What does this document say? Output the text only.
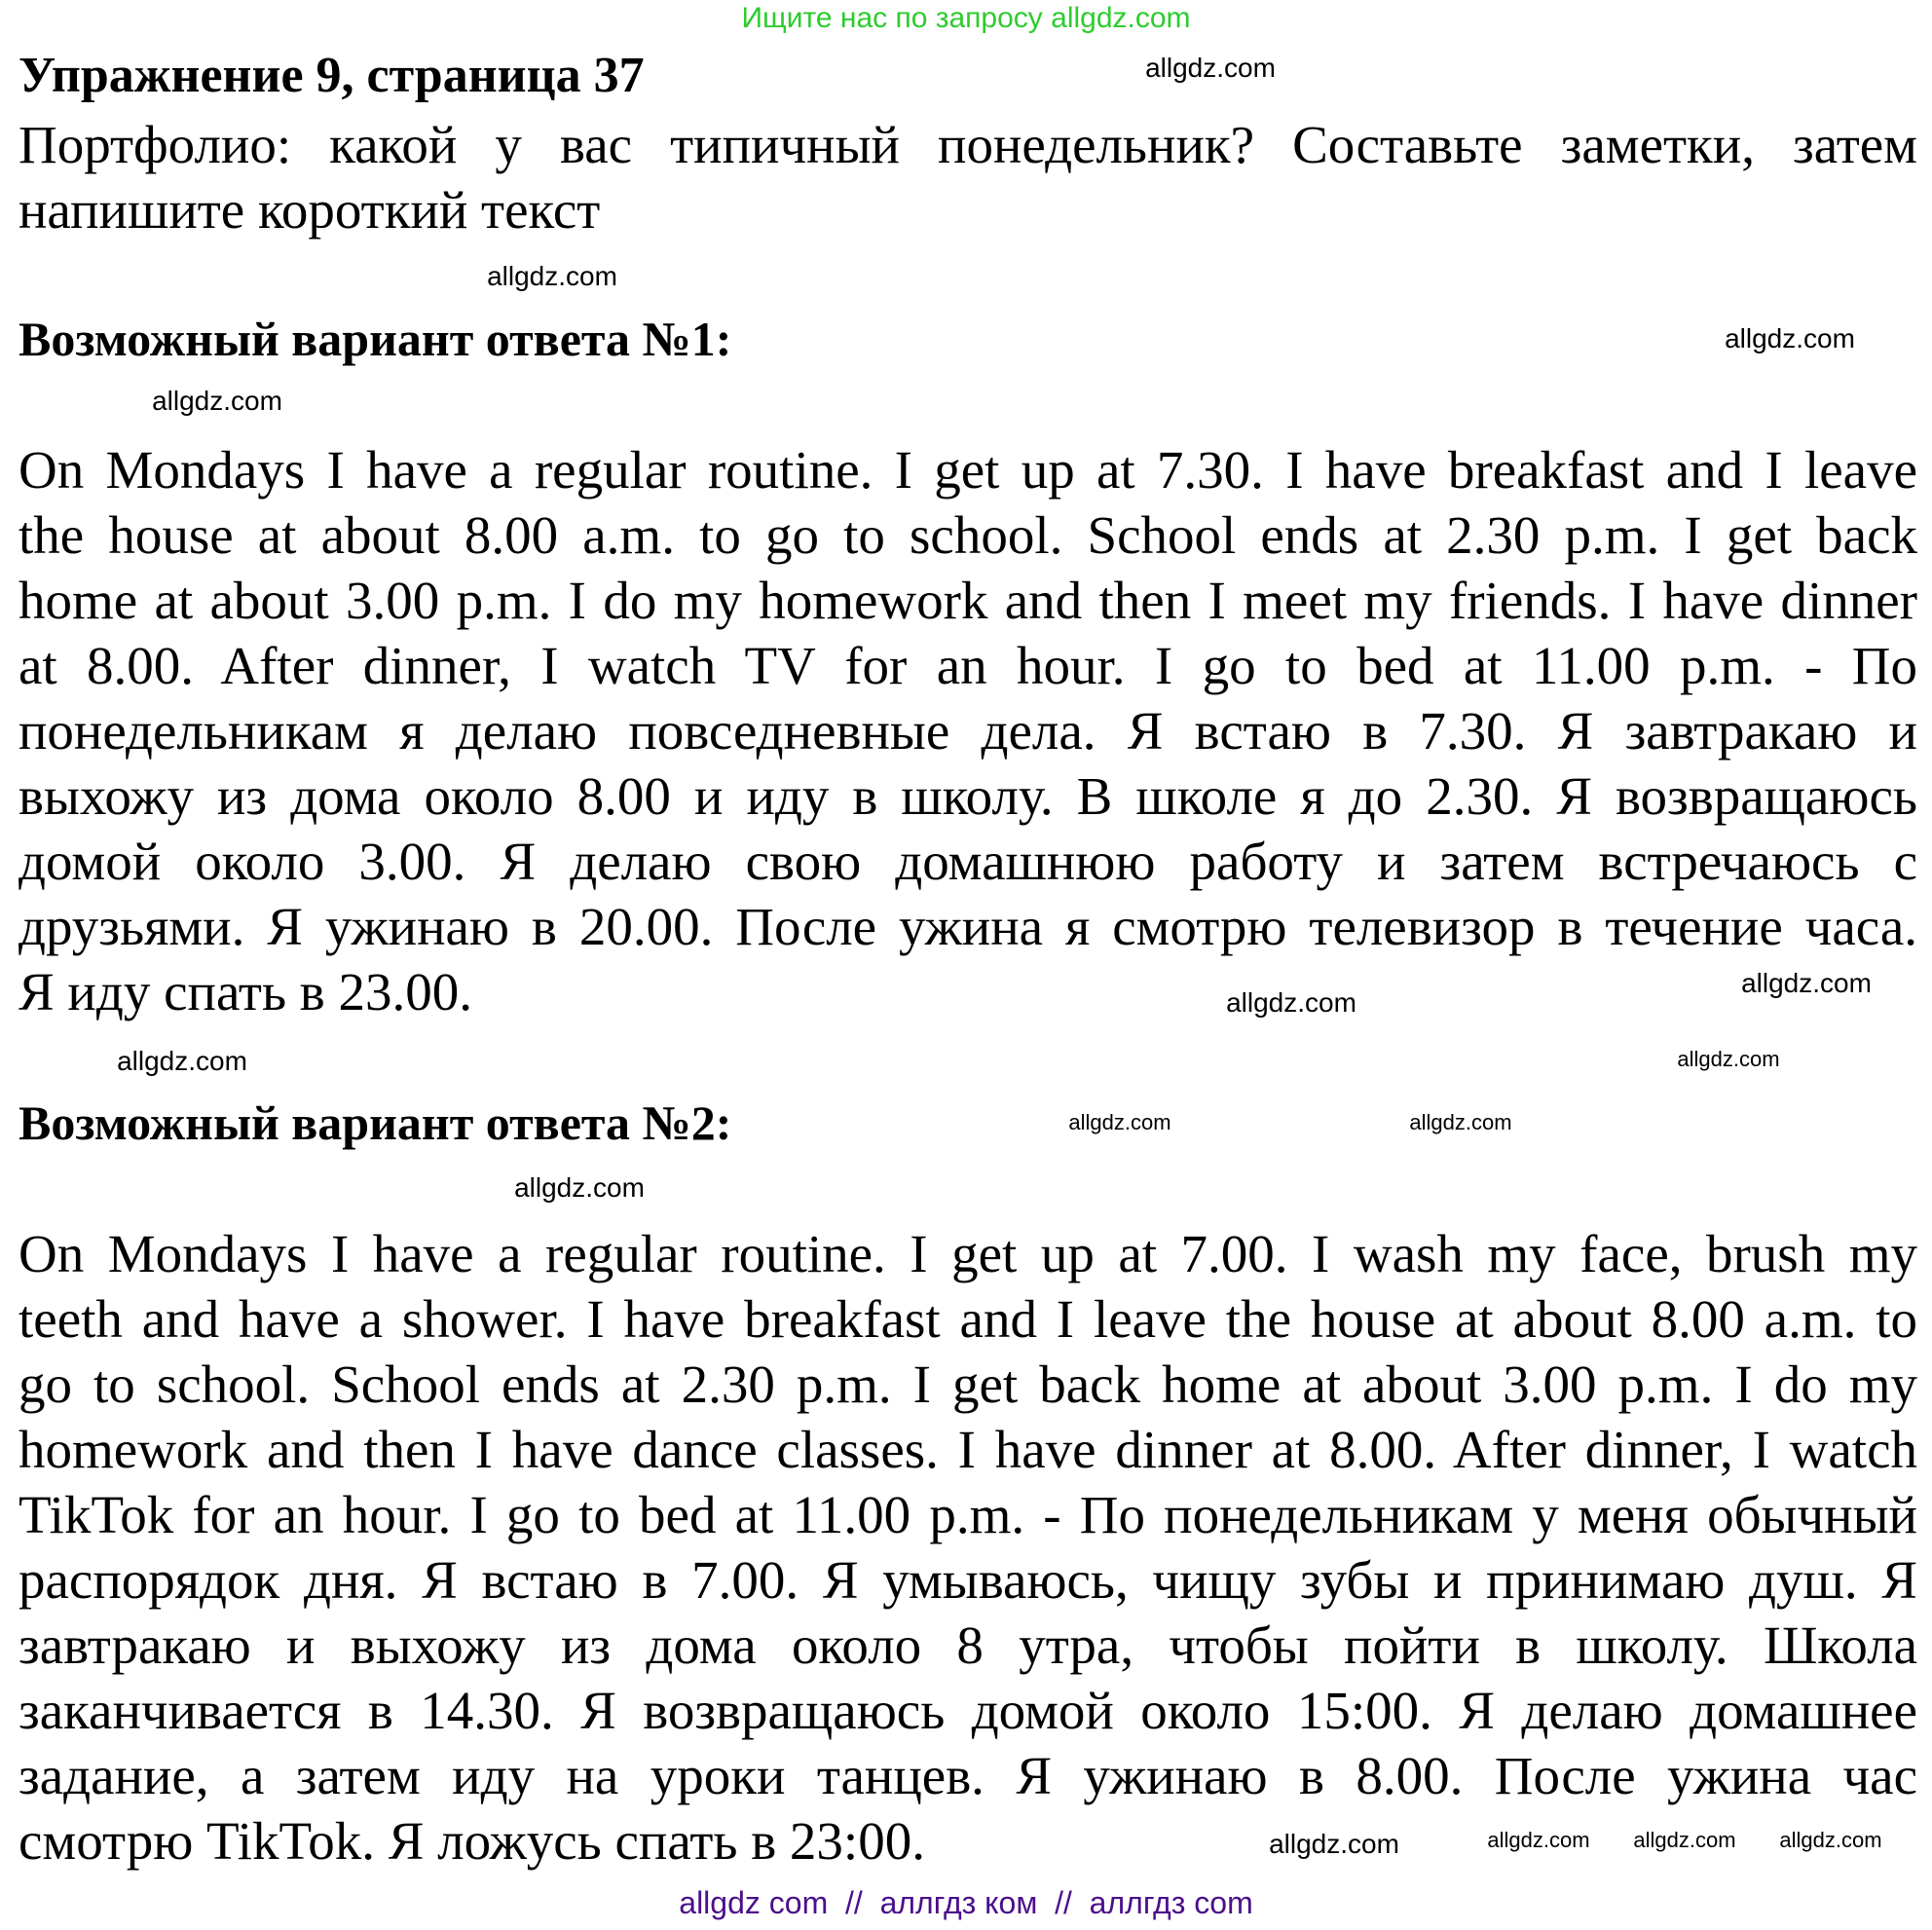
Ищите нас по запросу allgdz.com
Упражнение 9, страница 37
Портфолио: какой у вас типичный понедельник? Составьте заметки, затем
напишите короткий текст
Возможный вариант ответа №1:
On Mondays I have a regular routine. I get up at 7.30. I have breakfast and I leave
the house at about 8.00 a.m. to go to school. School ends at 2.30 p.m. I get back
home at about 3.00 p.m. I do my homework and then I meet my friends. I have dinner
at 8.00. After dinner, I watch TV for an hour. I go to bed at 11.00 p.m. - По
понедельникам я делаю повседневные дела. Я встаю в 7.30. Я завтракаю и
выхожу из дома около 8.00 и иду в школу. В школе я до 2.30. Я возвращаюсь
домой около 3.00. Я делаю свою домашнюю работу и затем встречаюсь с
друзьями. Я ужинаю в 20.00. После ужина я смотрю телевизор в течение часа.
Я иду спать в 23.00.
Возможный вариант ответа №2:
On Mondays I have a regular routine. I get up at 7.00. I wash my face, brush my
teeth and have a shower. I have breakfast and I leave the house at about 8.00 a.m. to
go to school. School ends at 2.30 p.m. I get back home at about 3.00 p.m. I do my
homework and then I have dance classes. I have dinner at 8.00. After dinner, I watch
TikTok for an hour. I go to bed at 11.00 p.m. - По понедельникам у меня обычный
распорядок дня. Я встаю в 7.00. Я умываюсь, чищу зубы и принимаю душ. Я
завтракаю и выхожу из дома около 8 утра, чтобы пойти в школу. Школа
заканчивается в 14.30. Я возвращаюсь домой около 15:00. Я делаю домашнее
задание, а затем иду на уроки танцев. Я ужинаю в 8.00. После ужина час
смотрю TikTok. Я ложусь спать в 23:00.
allgdz.com
allgdz.com
allgdz.com
allgdz.com
allgdz.com
allgdz.com
allgdz.com
allgdz.com
allgdz.com
allgdz.com
allgdz.com
allgdz.com allgdz.com allgdz.com
allgdz.com
allgdz com  //  аллгдз ком  //  аллгдз com
